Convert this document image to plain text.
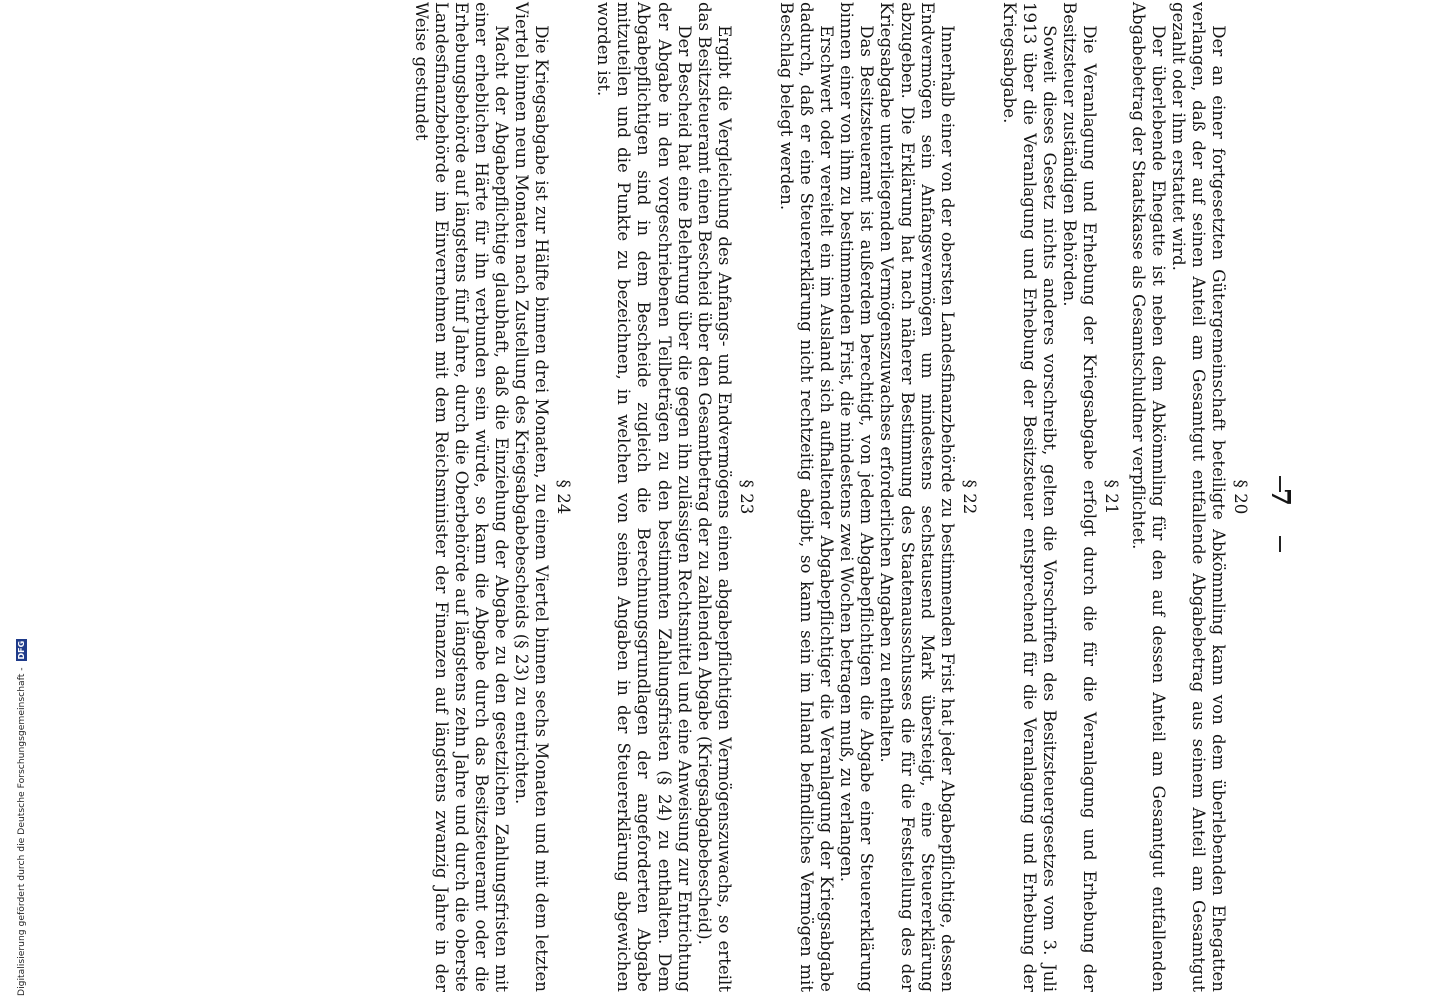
7
§ 20

Der an einer fortgesetzten Gütergemeinschaft beteiligte Abkömmling kann von dem überlebenden Ehegatten verlangen, daß der auf seinen Anteil am Gesamtgut entfallende Abgabebetrag aus seinem Anteil am Gesamtgut gezahlt oder ihm erstattet wird.

Der überlebende Ehegatte ist neben dem Abkömmling für den auf dessen Anteil am Gesamtgut entfallenden Abgabebetrag der Staatskasse als Gesamtschuldner verpflichtet.

§ 21

Die Veranlagung und Erhebung der Kriegsabgabe erfolgt durch die für die Veranlagung und Erhebung der Besitzsteuer zuständigen Behörden.

Soweit dieses Gesetz nichts anderes vorschreibt, gelten die Vorschriften des Besitzsteuergesetzes vom 3. Juli 1913 über die Veranlagung und Erhebung der Besitzsteuer entsprechend für die Veranlagung und Erhebung der Kriegsabgabe.

§ 22

Innerhalb einer von der obersten Landesfinanzbehörde zu bestimmenden Frist hat jeder Abgabepflichtige, dessen Endvermögen sein Anfangsvermögen um mindestens sechstausend Mark übersteigt, eine Steuererklärung abzugeben. Die Erklärung hat nach näherer Bestimmung des Staatenausschusses die für die Feststellung des der Kriegsabgabe unterliegenden Vermögenszuwachses erforderlichen Angaben zu enthalten.

Das Besitzsteueramt ist außerdem berechtigt, von jedem Abgabepflichtigen die Abgabe einer Steuererklärung binnen einer von ihm zu bestimmenden Frist, die mindestens zwei Wochen betragen muß, zu verlangen.

Erschwert oder vereitelt ein im Ausland sich aufhaltender Abgabepflichtiger die Veranlagung der Kriegsabgabe dadurch, daß er eine Steuererklärung nicht rechtzeitig abgibt, so kann sein im Inland befindliches Vermögen mit Beschlag belegt werden.

§ 23

Ergibt die Vergleichung des Anfangs- und Endvermögens einen abgabepflichtigen Vermögenszuwachs, so erteilt das Besitzsteueramt einen Bescheid über den Gesamtbetrag der zu zahlenden Abgabe (Kriegsabgabebescheid).

Der Bescheid hat eine Belehrung über die gegen ihn zulässigen Rechtsmittel und eine Anweisung zur Entrichtung der Abgabe in den vorgeschriebenen Teilbeträgen zu den bestimmten Zahlungsfristen (§ 24) zu enthalten. Dem Abgabepflichtigen sind in dem Bescheide zugleich die Berechnungsgrundlagen der angeforderten Abgabe mitzuteilen und die Punkte zu bezeichnen, in welchen von seinen Angaben in der Steuererklärung abgewichen worden ist.

§ 24

Die Kriegsabgabe ist zur Hälfte binnen drei Monaten, zu einem Viertel binnen sechs Monaten und mit dem letzten Viertel binnen neun Monaten nach Zustellung des Kriegsabgabebescheids (§ 23) zu entrichten.

Macht der Abgabepflichtige glaubhaft, daß die Einziehung der Abgabe zu den gesetzlichen Zahlungsfristen mit einer erheblichen Härte für ihn verbunden sein würde, so kann die Abgabe durch das Besitzsteueramt oder die Erhebungsbehörde auf längstens fünf Jahre, durch die Oberbehörde auf längstens zehn Jahre und durch die oberste Landesfinanzbehörde im Einvernehmen mit dem Reichsminister der Finanzen auf längstens zwanzig Jahre in der Weise gestundet

Digitalisierung gefördert durch die Deutsche Forschungsgemeinschaft - DFG
